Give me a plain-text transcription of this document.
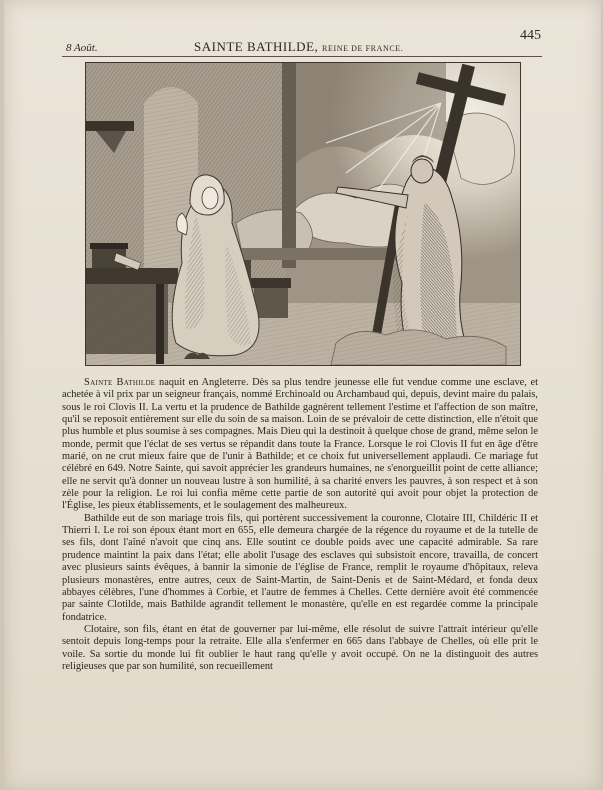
8 Août.	SAINTE BATHILDE, REINE DE FRANCE.
445

Sainte Bathilde naquit en Angleterre. Dès sa plus tendre jeunesse elle fut vendue comme une esclave, et achetée à vil prix par un seigneur français, nommé Erchinoald ou Archambaud qui, depuis, devint maire du palais, sous le roi Clovis II. La vertu et la prudence de Bathilde gagnèrent tellement l'estime et l'affection de son maître, qu'il se reposoit entièrement sur elle du soin de sa maison. Loin de se prévaloir de cette distinction, elle n'étoit que plus humble et plus soumise à ses compagnes. Mais Dieu qui la destinoit à quelque chose de grand, même selon le monde, permit que l'éclat de ses vertus se répandit dans toute la France. Lorsque le roi Clovis II fut en âge d'être marié, on ne crut mieux faire que de l'unir à Bathilde; et ce choix fut universellement applaudi. Ce mariage fut célébré en 649. Notre Sainte, qui savoit apprécier les grandeurs humaines, ne s'enorgueillit point de cette alliance; elle ne servit qu'à donner un nouveau lustre à son humilité, à sa charité envers les pauvres, à son respect et à son zèle pour la religion. Le roi lui confia même cette partie de son autorité qui avoit pour objet la protection de l'Église, les pieux établissements, et le soulagement des malheureux.

Bathilde eut de son mariage trois fils, qui portèrent successivement la couronne, Clotaire III, Childéric II et Thierri I. Le roi son époux étant mort en 655, elle demeura chargée de la régence du royaume et de la tutelle de ses fils, dont l'aîné n'avoit que cinq ans. Elle soutint ce double poids avec une capacité admirable. Sa rare prudence maintint la paix dans l'état; elle abolit l'usage des esclaves qui subsistoit encore, travailla, de concert avec plusieurs saints évêques, à bannir la simonie de l'église de France, remplit le royaume d'hôpitaux, releva plusieurs monastères, entre autres, ceux de Saint-Martin, de Saint-Denis et de Saint-Médard, et fonda deux abbayes célèbres, l'une d'hommes à Corbie, et l'autre de femmes à Chelles. Cette dernière avoit été commencée par sainte Clotilde, mais Bathilde agrandit tellement le monastère, qu'elle en est regardée comme la principale fondatrice.

Clotaire, son fils, étant en état de gouverner par lui-même, elle résolut de suivre l'attrait intérieur qu'elle sentoit depuis long-temps pour la retraite. Elle alla s'enfermer en 665 dans l'abbaye de Chelles, où elle prit le voile. Sa sortie du monde lui fit oublier le haut rang qu'elle y avoit occupé. On ne la distinguoit des autres religieuses que par son humilité, son recueillement
